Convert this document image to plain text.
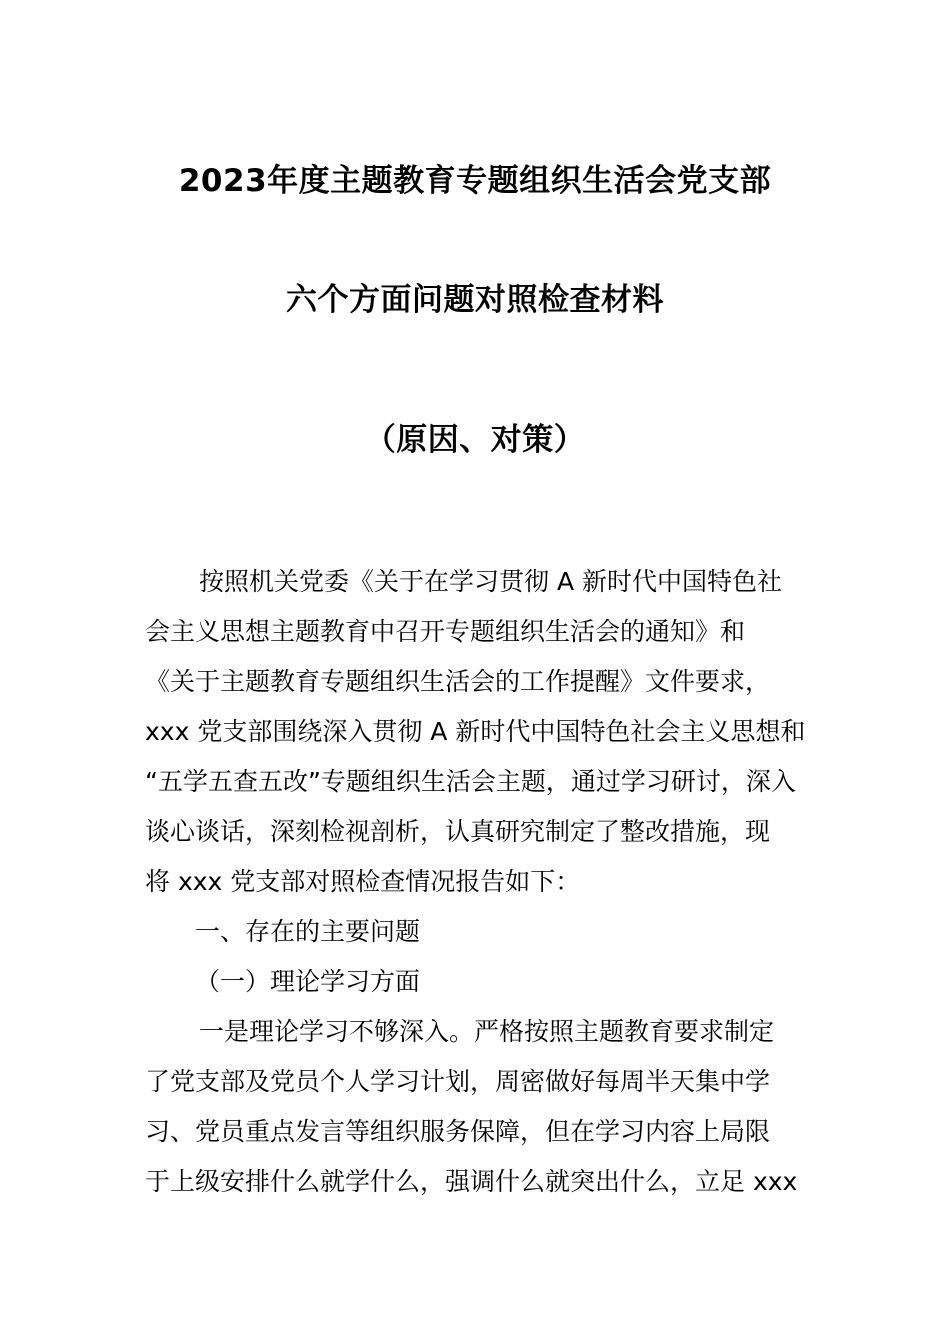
2023年度主题教育专题组织生活会党支部
六个方面问题对照检查材料
（原因、对策）
按照机关党委《关于在学习贯彻 A 新时代中国特色社
会主义思想主题教育中召开专题组织生活会的通知》和
《关于主题教育专题组织生活会的工作提醒》文件要求，
xxx 党支部围绕深入贯彻 A 新时代中国特色社会主义思想和
“五学五查五改”专题组织生活会主题，通过学习研讨，深入
谈心谈话，深刻检视剖析，认真研究制定了整改措施，现
将 xxx 党支部对照检查情况报告如下：
一、存在的主要问题
（一）理论学习方面
一是理论学习不够深入。严格按照主题教育要求制定
了党支部及党员个人学习计划，周密做好每周半天集中学
习、党员重点发言等组织服务保障，但在学习内容上局限
于上级安排什么就学什么，强调什么就突出什么，立足 xxx
